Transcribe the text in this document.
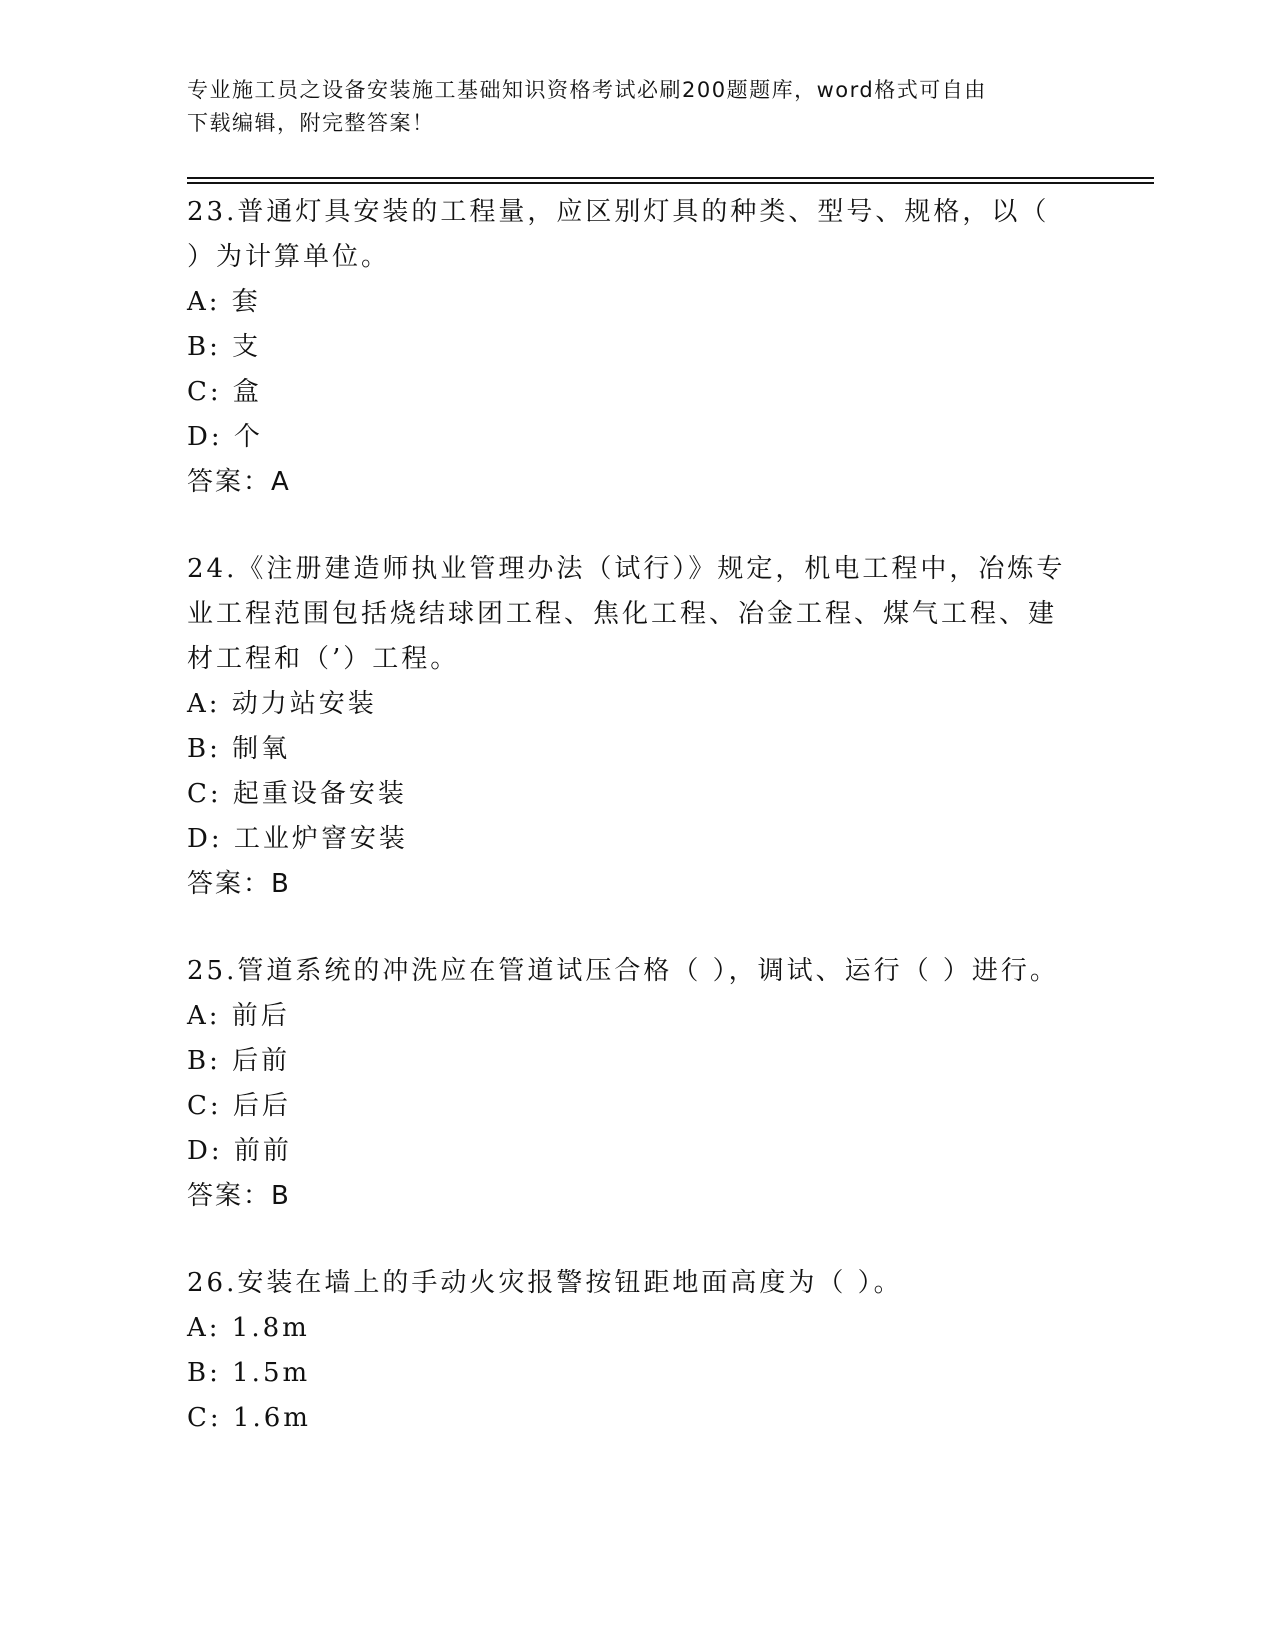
专业施工员之设备安装施工基础知识资格考试必刷200题题库，word格式可自由
下载编辑，附完整答案！
23.普通灯具安装的工程量，应区别灯具的种类、型号、规格，以（
）为计算单位。
A: 套
B: 支
C: 盒
D: 个
答案：A
24.《注册建造师执业管理办法（试行）》规定，机电工程中，冶炼专
业工程范围包括烧结球团工程、焦化工程、冶金工程、煤气工程、建
材工程和（’）工程。
A: 动力站安装
B: 制氧
C: 起重设备安装
D: 工业炉窨安装
答案：B
25.管道系统的冲洗应在管道试压合格（ ），调试、运行（ ）进行。
A: 前后
B: 后前
C: 后后
D: 前前
答案：B
26.安装在墙上的手动火灾报警按钮距地面高度为（ ）。
A: 1.8m
B: 1.5m
C: 1.6m
